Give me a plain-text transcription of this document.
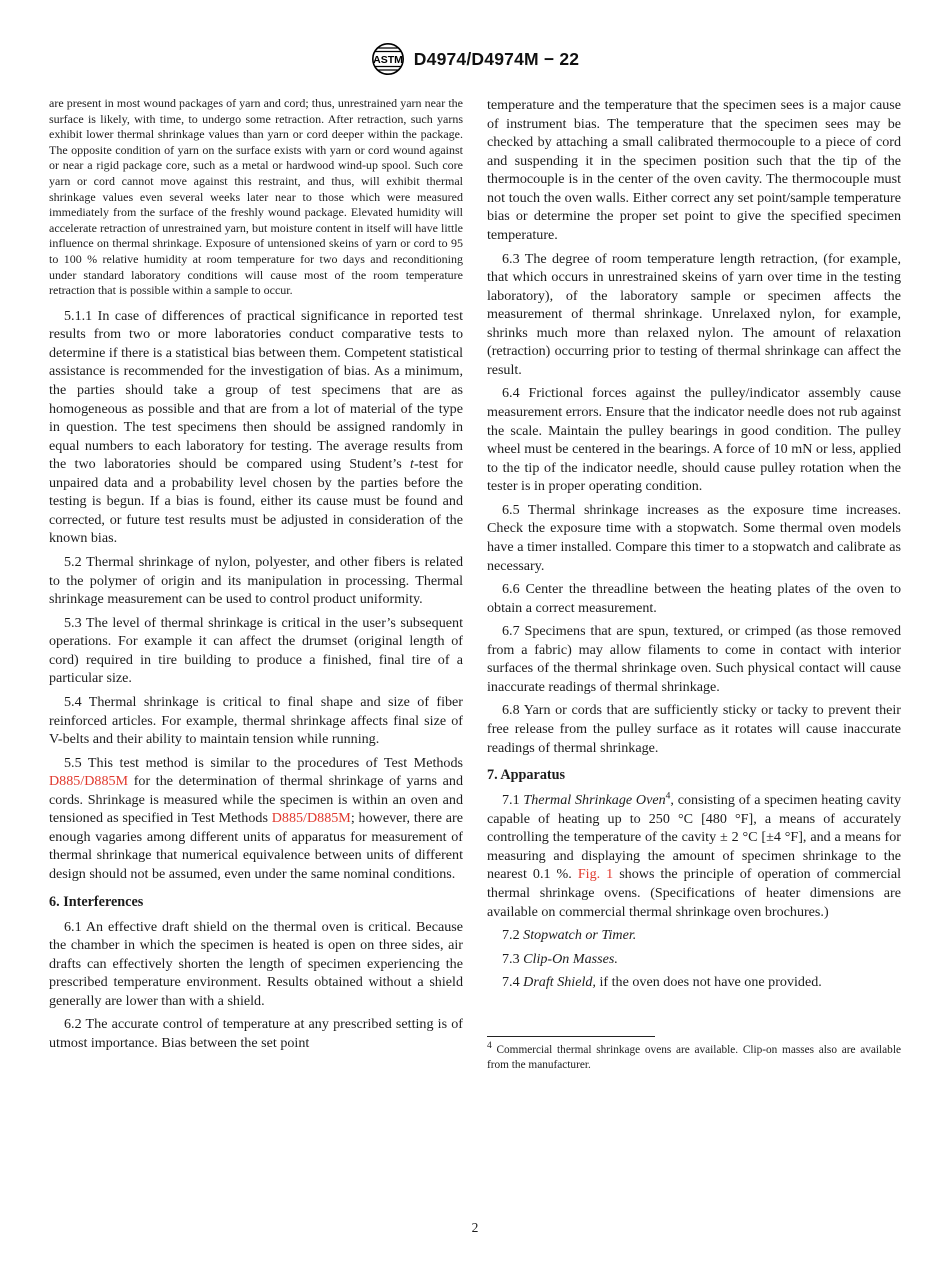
ASTM D4974/D4974M − 22

are present in most wound packages of yarn and cord; thus, unrestrained yarn near the surface is likely, with time, to undergo some retraction. After retraction, such yarns exhibit lower thermal shrinkage values than yarn or cord deeper within the package. The opposite condition of yarn on the surface exists with yarn or cord wound against or near a rigid package core, such as a metal or hardwood wind-up spool. Such core yarn or cord cannot move against this restraint, and thus, will exhibit thermal shrinkage values even several weeks later near to those which were measured immediately from the surface of the freshly wound package. Elevated humidity will accelerate retraction of unrestrained yarn, but moisture content in itself will have little influence on thermal shrinkage. Exposure of untensioned skeins of yarn or cord to 95 to 100 % relative humidity at room temperature for two days and reconditioning under standard laboratory conditions will cause most of the room temperature retraction that is possible within a sample to occur.

5.1.1 In case of differences of practical significance in reported test results from two or more laboratories conduct comparative tests to determine if there is a statistical bias between them. Competent statistical assistance is recommended for the investigation of bias. As a minimum, the parties should take a group of test specimens that are as homogeneous as possible and that are from a lot of material of the type in question. The test specimens then should be assigned randomly in equal numbers to each laboratory for testing. The average results from the two laboratories should be compared using Student’s t-test for unpaired data and a probability level chosen by the parties before the testing is begun. If a bias is found, either its cause must be found and corrected, or future test results must be adjusted in consideration of the known bias.

5.2 Thermal shrinkage of nylon, polyester, and other fibers is related to the polymer of origin and its manipulation in processing. Thermal shrinkage measurement can be used to control product uniformity.

5.3 The level of thermal shrinkage is critical in the user’s subsequent operations. For example it can affect the drumset (original length of cord) required in tire building to produce a finished, final tire of a particular size.

5.4 Thermal shrinkage is critical to final shape and size of fiber reinforced articles. For example, thermal shrinkage affects final size of V-belts and their ability to maintain tension while running.

5.5 This test method is similar to the procedures of Test Methods D885/D885M for the determination of thermal shrinkage of yarns and cords. Shrinkage is measured while the specimen is within an oven and tensioned as specified in Test Methods D885/D885M; however, there are enough vagaries among different units of apparatus for measurement of thermal shrinkage that numerical equivalence between units of different design should not be assumed, even under the same nominal conditions.

6. Interferences

6.1 An effective draft shield on the thermal oven is critical. Because the chamber in which the specimen is heated is open on three sides, air drafts can effectively shorten the length of specimen experiencing the prescribed temperature environment. Results obtained without a shield generally are lower than with a shield.

6.2 The accurate control of temperature at any prescribed setting is of utmost importance. Bias between the set point

temperature and the temperature that the specimen sees is a major cause of instrument bias. The temperature that the specimen sees may be checked by attaching a small calibrated thermocouple to a piece of cord and suspending it in the specimen position such that the tip of the thermocouple is in the center of the oven cavity. The thermocouple must not touch the oven walls. Either correct any set point/sample temperature bias or determine the proper set point to give the specified specimen temperature.

6.3 The degree of room temperature length retraction, (for example, that which occurs in unrestrained skeins of yarn over time in the testing laboratory), of the laboratory sample or specimen affects the measurement of thermal shrinkage. Unrelaxed nylon, for example, shrinks much more than relaxed nylon. The amount of relaxation (retraction) occurring prior to testing of thermal shrinkage can affect the result.

6.4 Frictional forces against the pulley/indicator assembly cause measurement errors. Ensure that the indicator needle does not rub against the scale. Maintain the pulley bearings in good condition. The pulley wheel must be centered in the bearings. A force of 10 mN or less, applied to the tip of the indicator needle, should cause pulley rotation when the tester is in proper operating condition.

6.5 Thermal shrinkage increases as the exposure time increases. Check the exposure time with a stopwatch. Some thermal oven models have a timer installed. Compare this timer to a stopwatch and calibrate as necessary.

6.6 Center the threadline between the heating plates of the oven to obtain a correct measurement.

6.7 Specimens that are spun, textured, or crimped (as those removed from a fabric) may allow filaments to come in contact with interior surfaces of the thermal shrinkage oven. Such physical contact will cause inaccurate readings of thermal shrinkage.

6.8 Yarn or cords that are sufficiently sticky or tacky to prevent their free release from the pulley surface as it rotates will cause inaccurate readings of thermal shrinkage.

7. Apparatus

7.1 Thermal Shrinkage Oven$^4$, consisting of a specimen heating cavity capable of heating up to 250 °C [480 °F], a means of accurately controlling the temperature of the cavity ± 2 °C [±4 °F], and a means for measuring and displaying the amount of specimen shrinkage to the nearest 0.1 %. Fig. 1 shows the principle of operation of commercial thermal shrinkage ovens. (Specifications of heater dimensions are available on commercial thermal shrinkage oven brochures.)

7.2 Stopwatch or Timer.

7.3 Clip-On Masses.

7.4 Draft Shield, if the oven does not have one provided.

$^4$ Commercial thermal shrinkage ovens are available. Clip-on masses also are available from the manufacturer.

2
